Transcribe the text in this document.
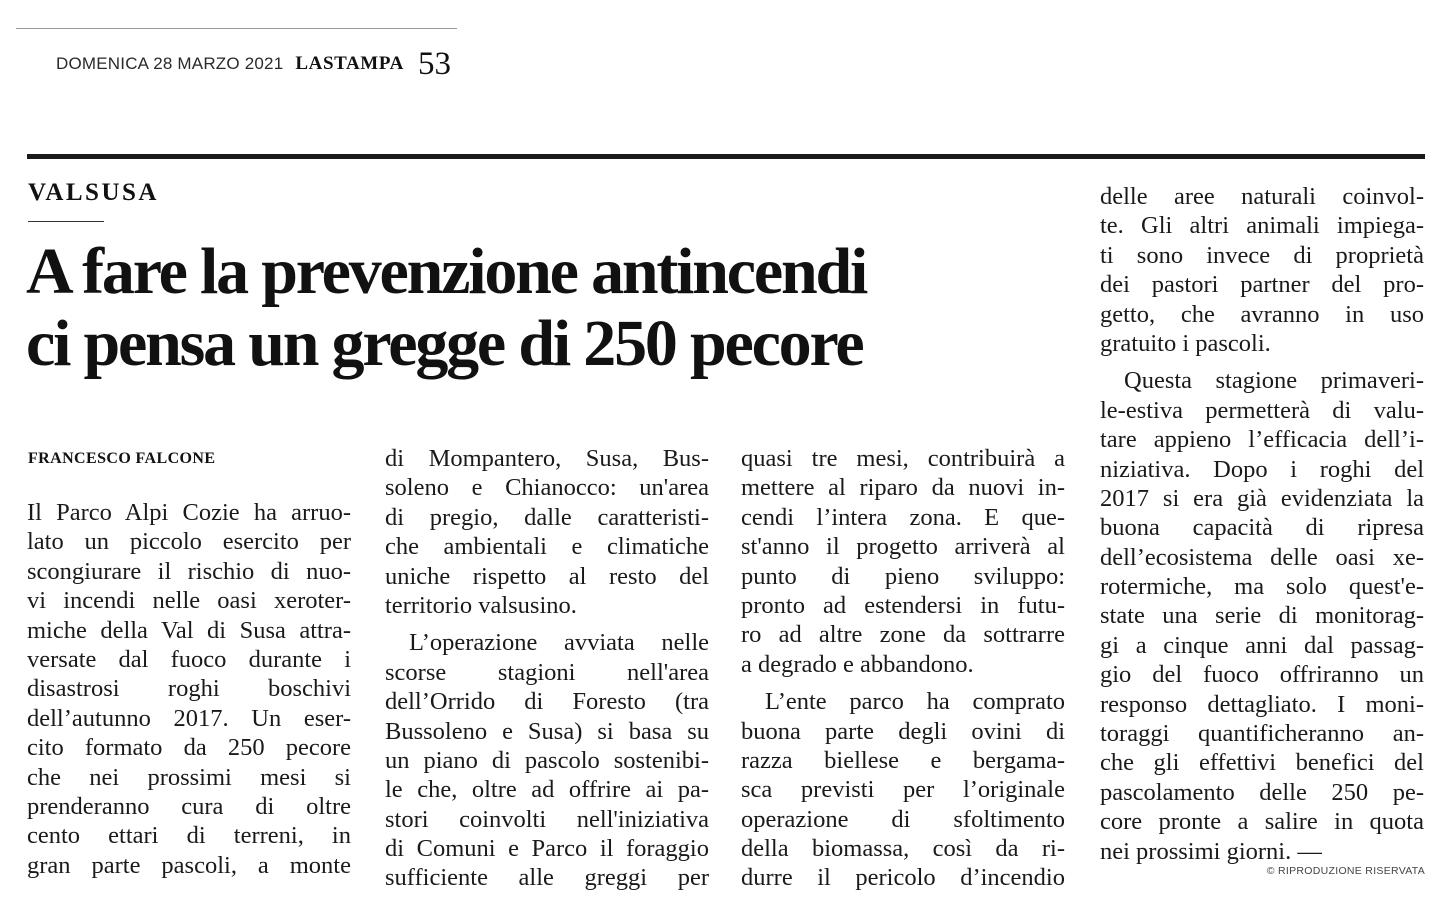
DOMENICA 28 MARZO 2021 LASTAMPA 53
VALSUSA
A fare la prevenzione antincendi
ci pensa un gregge di 250 pecore
FRANCESCO FALCONE
Il Parco Alpi Cozie ha arruo-
lato un piccolo esercito per
scongiurare il rischio di nuo-
vi incendi nelle oasi xeroter-
miche della Val di Susa attra-
versate dal fuoco durante i
disastrosi roghi boschivi
dell’autunno 2017. Un eser-
cito formato da 250 pecore
che nei prossimi mesi si
prenderanno cura di oltre
cento ettari di terreni, in
gran parte pascoli, a monte
di Mompantero, Susa, Bus-
soleno e Chianocco: un'area
di pregio, dalle caratteristi-
che ambientali e climatiche
uniche rispetto al resto del
territorio valsusino.
L’operazione avviata nelle
scorse stagioni nell'area
dell’Orrido di Foresto (tra
Bussoleno e Susa) si basa su
un piano di pascolo sostenibi-
le che, oltre ad offrire ai pa-
stori coinvolti nell'iniziativa
di Comuni e Parco il foraggio
sufficiente alle greggi per
quasi tre mesi, contribuirà a
mettere al riparo da nuovi in-
cendi l’intera zona. E que-
st'anno il progetto arriverà al
punto di pieno sviluppo:
pronto ad estendersi in futu-
ro ad altre zone da sottrarre
a degrado e abbandono.
L’ente parco ha comprato
buona parte degli ovini di
razza biellese e bergama-
sca previsti per l’originale
operazione di sfoltimento
della biomassa, così da ri-
durre il pericolo d’incendio
delle aree naturali coinvol-
te. Gli altri animali impiega-
ti sono invece di proprietà
dei pastori partner del pro-
getto, che avranno in uso
gratuito i pascoli.
Questa stagione primaveri-
le-estiva permetterà di valu-
tare appieno l’efficacia dell’i-
niziativa. Dopo i roghi del
2017 si era già evidenziata la
buona capacità di ripresa
dell’ecosistema delle oasi xe-
rotermiche, ma solo quest'e-
state una serie di monitorag-
gi a cinque anni dal passag-
gio del fuoco offriranno un
responso dettagliato. I moni-
toraggi quantificheranno an-
che gli effettivi benefici del
pascolamento delle 250 pe-
core pronte a salire in quota
nei prossimi giorni. —
© RIPRODUZIONE RISERVATA
